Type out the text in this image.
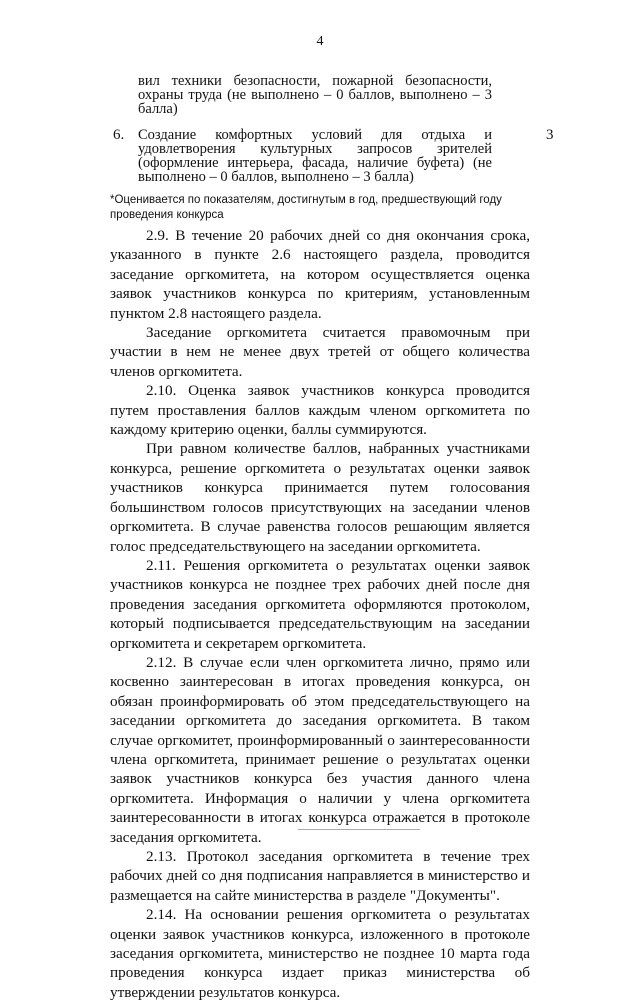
4
вил техники безопасности, пожарной безопасности, охраны труда (не выполнено – 0 баллов, выполнено – 3 балла)
6. Создание комфортных условий для отдыха и удовлетворения культурных запросов зрителей (оформление интерьера, фасада, наличие буфета) (не выполнено – 0 баллов, выполнено – 3 балла)
3
*Оценивается по показателям, достигнутым в год, предшествующий году проведения конкурса

2.9. В течение 20 рабочих дней со дня окончания срока, указанного в пункте 2.6 настоящего раздела, проводится заседание оргкомитета, на котором осуществляется оценка заявок участников конкурса по критериям, установленным пунктом 2.8 настоящего раздела.

Заседание оргкомитета считается правомочным при участии в нем не менее двух третей от общего количества членов оргкомитета.

2.10. Оценка заявок участников конкурса проводится путем проставления баллов каждым членом оргкомитета по каждому критерию оценки, баллы суммируются.

При равном количестве баллов, набранных участниками конкурса, решение оргкомитета о результатах оценки заявок участников конкурса принимается путем голосования большинством голосов присутствующих на заседании членов оргкомитета. В случае равенства голосов решающим является голос председательствующего на заседании оргкомитета.

2.11. Решения оргкомитета о результатах оценки заявок участников конкурса не позднее трех рабочих дней после дня проведения заседания оргкомитета оформляются протоколом, который подписывается председательствующим на заседании оргкомитета и секретарем оргкомитета.

2.12. В случае если член оргкомитета лично, прямо или косвенно заинтересован в итогах проведения конкурса, он обязан проинформировать об этом председательствующего на заседании оргкомитета до заседания оргкомитета. В таком случае оргкомитет, проинформированный о заинтересованности члена оргкомитета, принимает решение о результатах оценки заявок участников конкурса без участия данного члена оргкомитета. Информация о наличии у члена оргкомитета заинтересованности в итогах конкурса отражается в протоколе заседания оргкомитета.

2.13. Протокол заседания оргкомитета в течение трех рабочих дней со дня подписания направляется в министерство и размещается на сайте министерства в разделе "Документы".

2.14. На основании решения оргкомитета о результатах оценки заявок участников конкурса, изложенного в протоколе заседания оргкомитета, министерство не позднее 10 марта года проведения конкурса издает приказ министерства об утверждении результатов конкурса.
